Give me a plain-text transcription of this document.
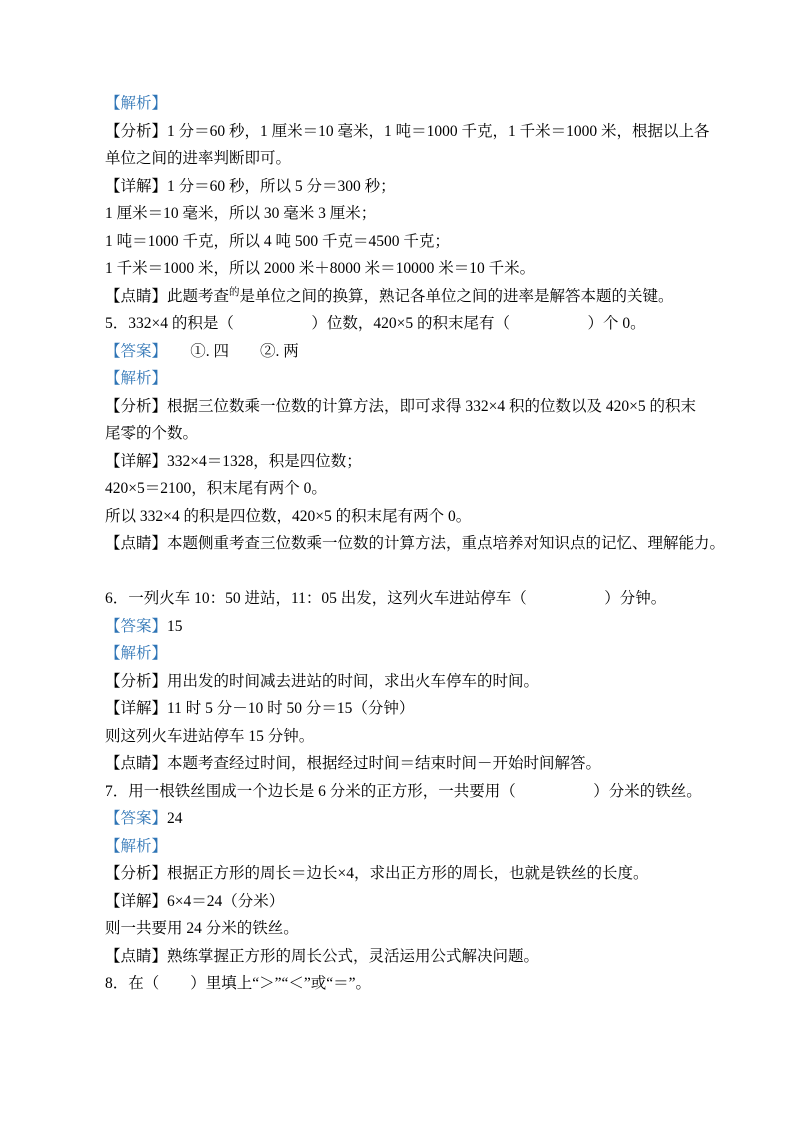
【解析】
【分析】1 分＝60 秒，1 厘米＝10 毫米，1 吨＝1000 千克，1 千米＝1000 米，根据以上各
单位之间的进率判断即可。
【详解】1 分＝60 秒，所以 5 分＝300 秒；
1 厘米＝10 毫米，所以 30 毫米 3 厘米；
1 吨＝1000 千克，所以 4 吨 500 千克＝4500 千克；
1 千米＝1000 米，所以 2000 米＋8000 米＝10000 米＝10 千米。
【点睛】此题考查$^的$是单位之间的换算，熟记各单位之间的进率是解答本题的关键。
5．332×4 的积是（　　　　　）位数，420×5 的积末尾有（　　　　　）个 0。
【答案】　　①. 四　　②. 两
【解析】
【分析】根据三位数乘一位数的计算方法，即可求得 332×4 积的位数以及 420×5 的积末
尾零的个数。
【详解】332×4＝1328，积是四位数；
420×5＝2100，积末尾有两个 0。
所以 332×4 的积是四位数，420×5 的积末尾有两个 0。
【点睛】本题侧重考查三位数乘一位数的计算方法，重点培养对知识点的记忆、理解能力。
6．一列火车 10：50 进站，11：05 出发，这列火车进站停车（　　　　　）分钟。
【答案】15
【解析】
【分析】用出发的时间减去进站的时间，求出火车停车的时间。
【详解】11 时 5 分－10 时 50 分＝15（分钟）
则这列火车进站停车 15 分钟。
【点睛】本题考查经过时间，根据经过时间＝结束时间－开始时间解答。
7．用一根铁丝围成一个边长是 6 分米的正方形，一共要用（　　　　　）分米的铁丝。
【答案】24
【解析】
【分析】根据正方形的周长＝边长×4，求出正方形的周长，也就是铁丝的长度。
【详解】6×4＝24（分米）
则一共要用 24 分米的铁丝。
【点睛】熟练掌握正方形的周长公式，灵活运用公式解决问题。
8．在（　　）里填上“＞”“＜”或“＝”。
